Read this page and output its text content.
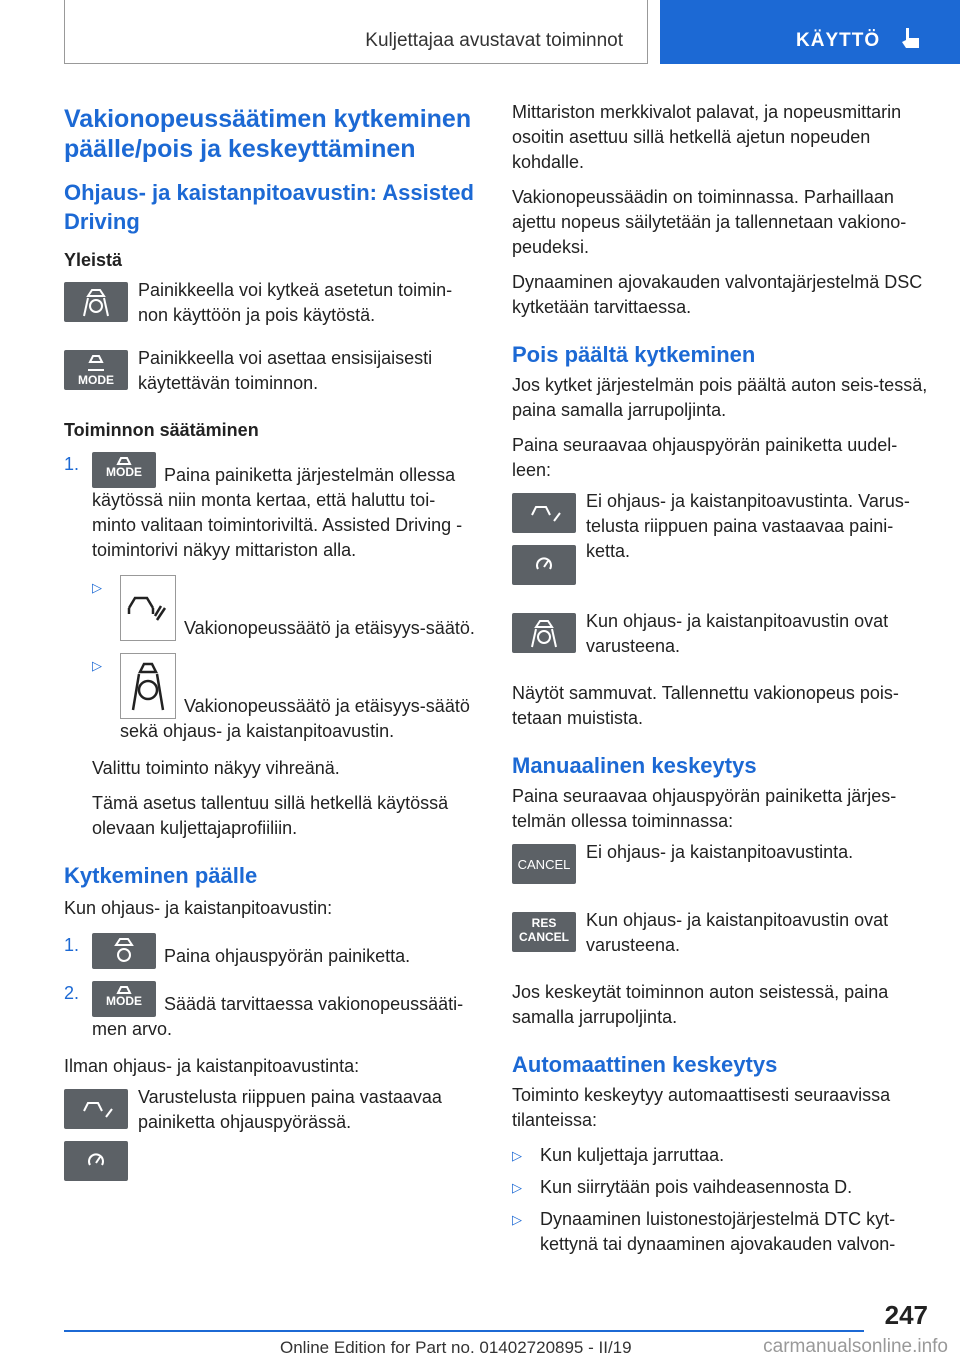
Kuljettajaa avustavat toiminnot	KÄYTTÖ
Vakionopeussäätimen kytkeminen päälle/pois ja keskeyttäminen
Ohjaus- ja kaistanpitoavustin: Assisted Driving
Yleistä
Painikkeella voi kytkeä asetetun toimin-non käyttöön ja pois käytöstä.
MODE
Painikkeella voi asettaa ensisijaisesti käytettävän toiminnon.
Toiminnon säätäminen
1.	MODE	Paina painiketta järjestelmän ollessa käytössä niin monta kertaa, että haluttu toi-minto valitaan toimintoriviltä. Assisted Driving -toimintorivi näkyy mittariston alla.
▷
Vakionopeussäätö ja etäisyys-säätö.
▷
Vakionopeussäätö ja etäisyys-säätö sekä ohjaus- ja kaistanpitoavustin.

Valittu toiminto näkyy vihreänä.

Tämä asetus tallentuu sillä hetkellä käytössä olevaan kuljettajaprofiiliin.

Kytkeminen päälle

Kun ohjaus- ja kaistanpitoavustin:

1.
Paina ohjauspyörän painiketta.
2.	MODE	Säädä tarvittaessa vakionopeussääti-men arvo.

Ilman ohjaus- ja kaistanpitoavustinta:

Varustelusta riippuen paina vastaavaa painiketta ohjauspyörässä.

Mittariston merkkivalot palavat, ja nopeusmittarin osoitin asettuu sillä hetkellä ajetun nopeuden kohdalle.

Vakionopeussäädin on toiminnassa. Parhaillaan ajettu nopeus säilytetään ja tallennetaan vakiono-peudeksi.

Dynaaminen ajovakauden valvontajärjestelmä DSC kytketään tarvittaessa.

Pois päältä kytkeminen

Jos kytket järjestelmän pois päältä auton seis-tessä, paina samalla jarrupoljinta.

Paina seuraavaa ohjauspyörän painiketta uudel-leen:

Ei ohjaus- ja kaistanpitoavustinta. Varus-telusta riippuen paina vastaavaa paini-ketta.
Kun ohjaus- ja kaistanpitoavustin ovat varusteena.

Näytöt sammuvat. Tallennettu vakionopeus pois-tetaan muistista.

Manuaalinen keskeytys

Paina seuraavaa ohjauspyörän painiketta järjes-telmän ollessa toiminnassa:

CANCEL
Ei ohjaus- ja kaistanpitoavustinta.
RES
CANCEL
Kun ohjaus- ja kaistanpitoavustin ovat varusteena.

Jos keskeytät toiminnon auton seistessä, paina samalla jarrupoljinta.

Automaattinen keskeytys

Toiminto keskeytyy automaattisesti seuraavissa tilanteissa:

▷	Kun kuljettaja jarruttaa.
▷	Kun siirrytään pois vaihdeasennosta D.
▷	Dynaaminen luistonestojärjestelmä DTC kyt-kettynä tai dynaaminen ajovakauden valvon-
247
Online Edition for Part no. 01402720895 - II/19	carmanualsonline.info
